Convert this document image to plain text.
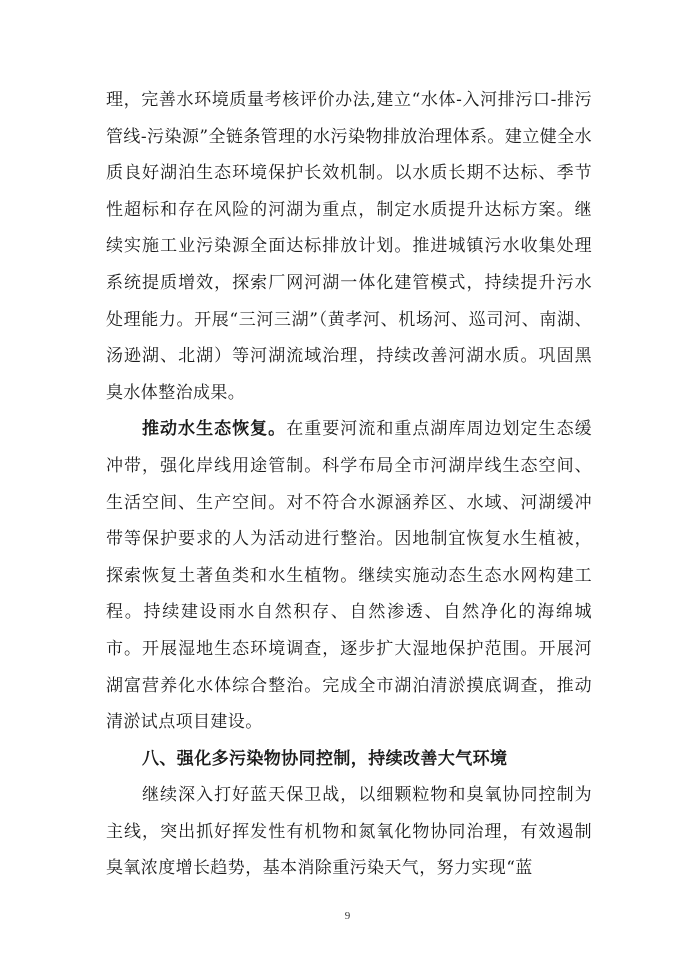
理，完善水环境质量考核评价办法,建立“水体-入河排污口-排污管线-污染源”全链条管理的水污染物排放治理体系。建立健全水质良好湖泊生态环境保护长效机制。以水质长期不达标、季节性超标和存在风险的河湖为重点，制定水质提升达标方案。继续实施工业污染源全面达标排放计划。推进城镇污水收集处理系统提质增效，探索厂网河湖一体化建管模式，持续提升污水处理能力。开展“三河三湖”（黄孝河、机场河、巡司河、南湖、汤逊湖、北湖）等河湖流域治理，持续改善河湖水质。巩固黑臭水体整治成果。

推动水生态恢复。在重要河流和重点湖库周边划定生态缓冲带，强化岸线用途管制。科学布局全市河湖岸线生态空间、生活空间、生产空间。对不符合水源涵养区、水域、河湖缓冲带等保护要求的人为活动进行整治。因地制宜恢复水生植被，探索恢复土著鱼类和水生植物。继续实施动态生态水网构建工程。持续建设雨水自然积存、自然渗透、自然净化的海绵城市。开展湿地生态环境调查，逐步扩大湿地保护范围。开展河湖富营养化水体综合整治。完成全市湖泊清淤摸底调查，推动清淤试点项目建设。

八、强化多污染物协同控制，持续改善大气环境

继续深入打好蓝天保卫战，以细颗粒物和臭氧协同控制为主线，突出抓好挥发性有机物和氮氧化物协同治理，有效遏制臭氧浓度增长趋势，基本消除重污染天气，努力实现“蓝

9
